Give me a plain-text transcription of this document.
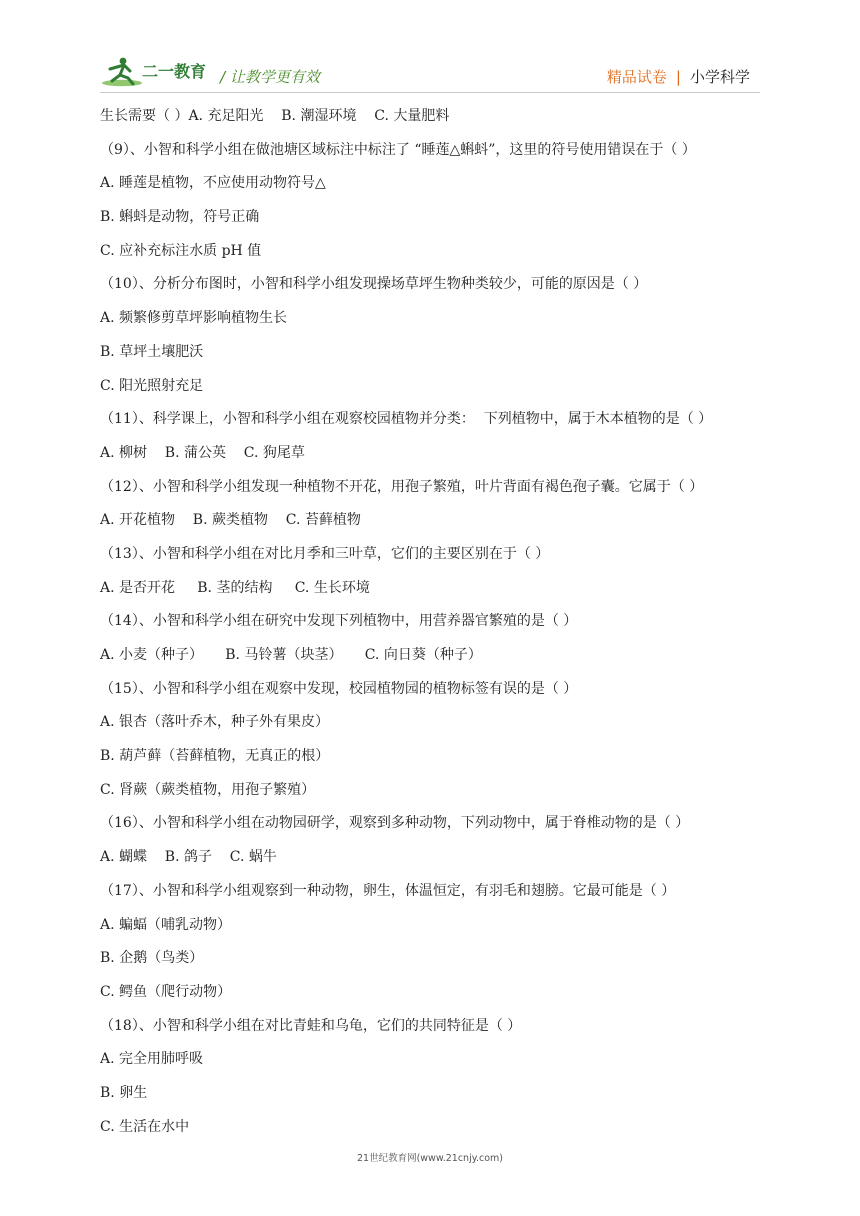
二一教育 / 让教学更有效	精品试卷 | 小学科学
生长需要（ ）A. 充足阳光    B. 潮湿环境    C. 大量肥料
（9）、小智和科学小组在做池塘区域标注中标注了 “睡莲△蝌蚪”，这里的符号使用错误在于（ ）
A. 睡莲是植物，不应使用动物符号△
B. 蝌蚪是动物，符号正确
C. 应补充标注水质 pH 值
（10）、分析分布图时，小智和科学小组发现操场草坪生物种类较少，可能的原因是（ ）
A. 频繁修剪草坪影响植物生长
B. 草坪土壤肥沃
C. 阳光照射充足
（11）、科学课上，小智和科学小组在观察校园植物并分类：  下列植物中，属于木本植物的是（ ）
A. 柳树    B. 蒲公英    C. 狗尾草
（12）、小智和科学小组发现一种植物不开花，用孢子繁殖，叶片背面有褐色孢子囊。它属于（ ）
A. 开花植物    B. 蕨类植物    C. 苔藓植物
（13）、小智和科学小组在对比月季和三叶草，它们的主要区别在于（ ）
A. 是否开花     B. 茎的结构     C. 生长环境
（14）、小智和科学小组在研究中发现下列植物中，用营养器官繁殖的是（ ）
A. 小麦（种子）     B. 马铃薯（块茎）     C. 向日葵（种子）
（15）、小智和科学小组在观察中发现，校园植物园的植物标签有误的是（ ）
A. 银杏（落叶乔木，种子外有果皮）
B. 葫芦藓（苔藓植物，无真正的根）
C. 肾蕨（蕨类植物，用孢子繁殖）
（16）、小智和科学小组在动物园研学，观察到多种动物，下列动物中，属于脊椎动物的是（ ）
A. 蝴蝶    B. 鸽子    C. 蜗牛
（17）、小智和科学小组观察到一种动物，卵生，体温恒定，有羽毛和翅膀。它最可能是（ ）
A. 蝙蝠（哺乳动物）
B. 企鹅（鸟类）
C. 鳄鱼（爬行动物）
（18）、小智和科学小组在对比青蛙和乌龟，它们的共同特征是（ ）
A. 完全用肺呼吸
B. 卵生
C. 生活在水中
21世纪教育网(www.21cnjy.com)
